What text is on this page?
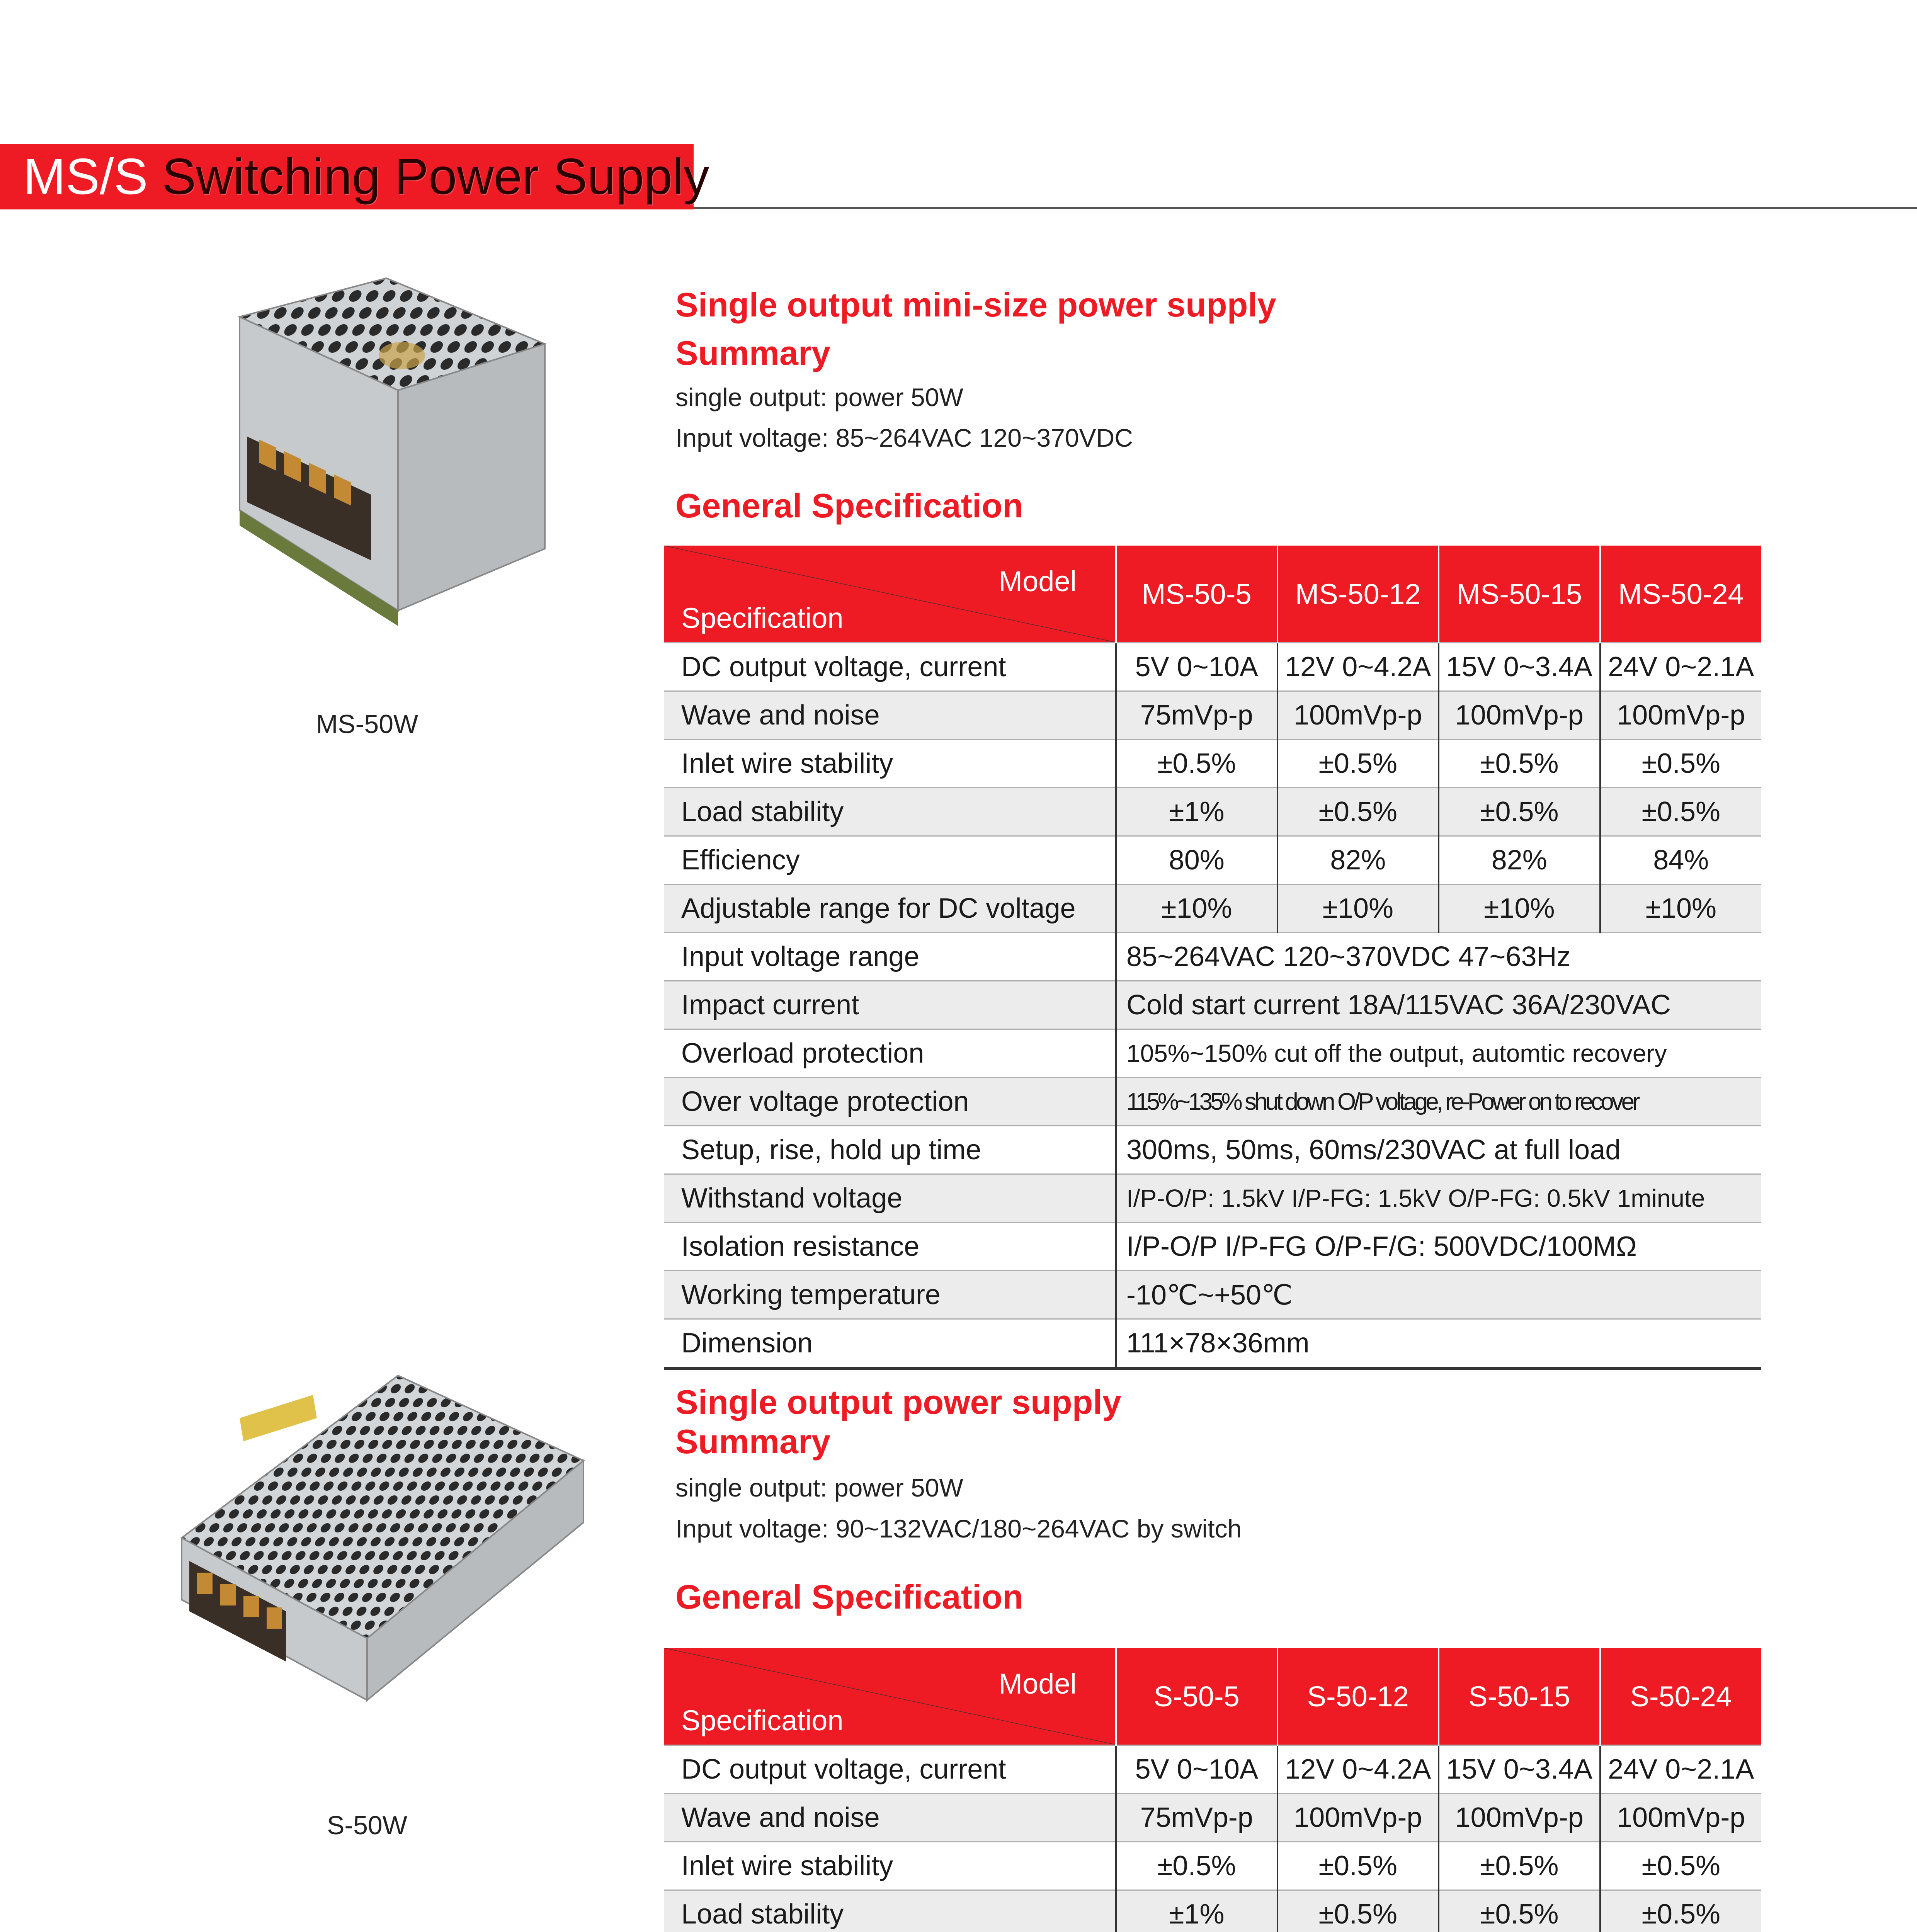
MS/S Switching Power Supply
MS-50W
S-50W
Single output mini-size power supply
Summary
single output: power 50W
Input voltage: 85~264VAC 120~370VDC
General Specification
Model
Specification	MS-50-5	MS-50-12	MS-50-15	MS-50-24
DC output voltage, current	5V 0~10A	12V 0~4.2A	15V 0~3.4A	24V 0~2.1A
Wave and noise	75mVp-p	100mVp-p	100mVp-p	100mVp-p
Inlet wire stability	±0.5%	±0.5%	±0.5%	±0.5%
Load stability	±1%	±0.5%	±0.5%	±0.5%
Efficiency	80%	82%	82%	84%
Adjustable range for DC voltage	±10%	±10%	±10%	±10%
Input voltage range	85~264VAC 120~370VDC 47~63Hz			
Impact current	Cold start current 18A/115VAC 36A/230VAC			
Overload protection	105%~150% cut off the output, automtic recovery			
Over voltage protection	115%~135% shut down O/P voltage, re-Power on to recover			
Setup, rise, hold up time	300ms, 50ms, 60ms/230VAC at full load			
Withstand voltage	I/P-O/P: 1.5kV I/P-FG: 1.5kV O/P-FG: 0.5kV 1minute			
Isolation resistance	I/P-O/P I/P-FG O/P-F/G: 500VDC/100MΩ			
Working temperature	-10℃~+50℃			
Dimension	111×78×36mm			
Single output power supply
Summary
single output: power 50W
Input voltage: 90~132VAC/180~264VAC by switch
General Specification
Model
Specification	S-50-5	S-50-12	S-50-15	S-50-24
DC output voltage, current	5V 0~10A	12V 0~4.2A	15V 0~3.4A	24V 0~2.1A
Wave and noise	75mVp-p	100mVp-p	100mVp-p	100mVp-p
Inlet wire stability	±0.5%	±0.5%	±0.5%	±0.5%
Load stability	±1%	±0.5%	±0.5%	±0.5%
